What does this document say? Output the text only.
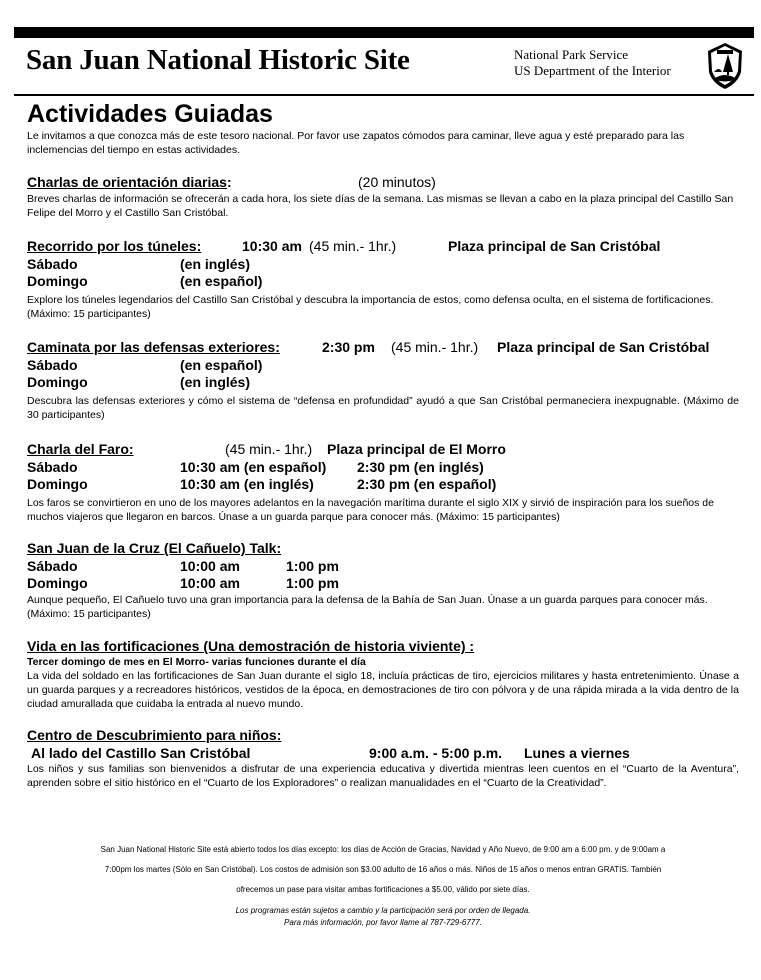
San Juan National Historic Site	National Park Service
US Department of the Interior
Actividades Guiadas

Le invitamos a que conozca más de este tesoro nacional. Por favor use zapatos cómodos para caminar, lleve agua y esté preparado para las inclemencias del tiempo en estas actividades.

Charlas de orientación diarias:	(20 minutos)

Breves charlas de información se ofrecerán a cada hora, los siete días de la semana. Las mismas se llevan a cabo en la plaza principal del Castillo San Felipe del Morro y el Castillo San Cristóbal.

Recorrido por los túneles:	10:30 am (45 min.- 1hr.)	Plaza principal de San Cristóbal
Sábado	(en inglés)
Domingo	(en español)

Explore los túneles legendarios del Castillo San Cristóbal y descubra la importancia de estos, como defensa oculta, en el sistema de fortificaciones. (Máximo: 15 participantes)

Caminata por las defensas exteriores:	2:30 pm (45 min.- 1hr.) Plaza principal de San Cristóbal
Sábado	(en español)
Domingo	(en inglés)

Descubra las defensas exteriores y cómo el sistema de “defensa en profundidad” ayudó a que San Cristóbal permaneciera inexpugnable. (Máximo de 30 participantes)

Charla del Faro:	(45 min.- 1hr.) Plaza principal de El Morro
Sábado	10:30 am (en español) 2:30 pm (en inglés)
Domingo	10:30 am (en inglés)	2:30 pm (en español)

Los faros se convirtieron en uno de los mayores adelantos en la navegación marítima durante el siglo XIX y sirvió de inspiración para los sueños de muchos viajeros que llegaron en barcos. Únase a un guarda parque para conocer más. (Máximo: 15 participantes)

San Juan de la Cruz (El Cañuelo) Talk:
Sábado	10:00 am	1:00 pm
Domingo	10:00 am	1:00 pm

Aunque pequeño, El Cañuelo tuvo una gran importancia para la defensa de la Bahía de San Juan. Únase a un guarda parques para conocer más. (Máximo: 15 participantes)

Vida en las fortificaciones (Una demostración de historia viviente) :
Tercer domingo de mes en El Morro- varias funciones durante el día

La vida del soldado en las fortificaciones de San Juan durante el siglo 18, incluía prácticas de tiro, ejercicios militares y hasta entretenimiento. Únase a un guarda parques y a recreadores históricos, vestidos de la época, en demostraciones de tiro con pólvora y de una rápida mirada a la vida dentro de la ciudad amurallada que cuidaba la entrada al nuevo mundo.

Centro de Descubrimiento para niños:
Al lado del Castillo San Cristóbal	9:00 a.m. - 5:00 p.m. Lunes a viernes

Los niños y sus familias son bienvenidos a disfrutar de una experiencia educativa y divertida mientras leen cuentos en el “Cuarto de la Aventura”, aprenden sobre el sitio histórico en el “Cuarto de los Exploradores” o realizan manualidades en el “Cuarto de la Creatividad”.

San Juan National Historic Site está abierto todos los días excepto: los días de Acción de Gracias, Navidad y Año Nuevo, de 9:00 am a 6:00 pm. y de 9:00am a
7:00pm los martes (Sólo en San Cristóbal). Los costos de admisión son $3.00 adulto de 16 años o más. Niños de 15 años o menos entran GRATIS. También
ofrecemos un pase para visitar ambas fortificaciones a $5.00, válido por siete días.
Los programas están sujetos a cambio y la participación será por orden de llegada.
Para más información, por favor llame al 787-729-6777.
